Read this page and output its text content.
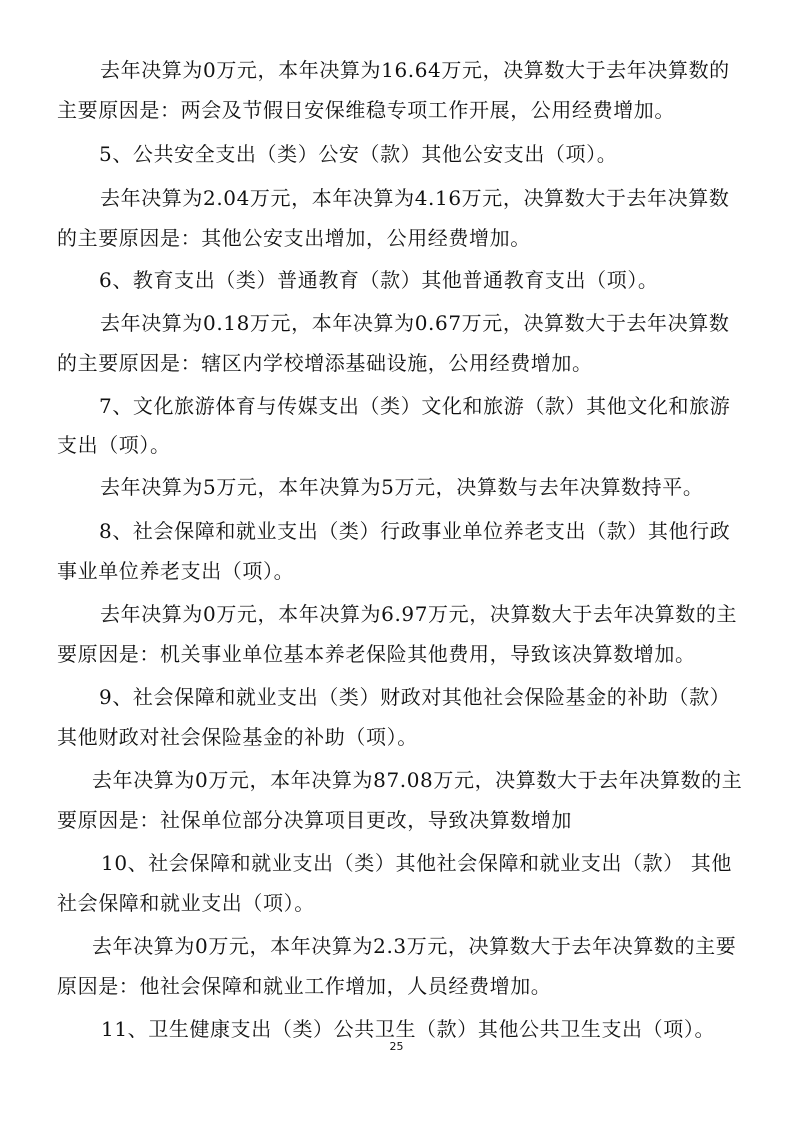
去年决算为0万元，本年决算为16.64万元，决算数大于去年决算数的
主要原因是：两会及节假日安保维稳专项工作开展，公用经费增加。
5、公共安全支出（类）公安（款）其他公安支出（项）。
去年决算为2.04万元，本年决算为4.16万元，决算数大于去年决算数
的主要原因是：其他公安支出增加，公用经费增加。
6、教育支出（类）普通教育（款）其他普通教育支出（项）。
去年决算为0.18万元，本年决算为0.67万元，决算数大于去年决算数
的主要原因是：辖区内学校增添基础设施，公用经费增加。
7、文化旅游体育与传媒支出（类）文化和旅游（款）其他文化和旅游
支出（项）。
去年决算为5万元，本年决算为5万元，决算数与去年决算数持平。
8、社会保障和就业支出（类）行政事业单位养老支出（款）其他行政
事业单位养老支出（项）。
去年决算为0万元，本年决算为6.97万元，决算数大于去年决算数的主
要原因是：机关事业单位基本养老保险其他费用，导致该决算数增加。
9、社会保障和就业支出（类）财政对其他社会保险基金的补助（款）
其他财政对社会保险基金的补助（项）。
去年决算为0万元，本年决算为87.08万元，决算数大于去年决算数的主
要原因是：社保单位部分决算项目更改，导致决算数增加
10、社会保障和就业支出（类）其他社会保障和就业支出（款） 其他
社会保障和就业支出（项）。
去年决算为0万元，本年决算为2.3万元，决算数大于去年决算数的主要
原因是：他社会保障和就业工作增加，人员经费增加。
11、卫生健康支出（类）公共卫生（款）其他公共卫生支出（项）。
25
